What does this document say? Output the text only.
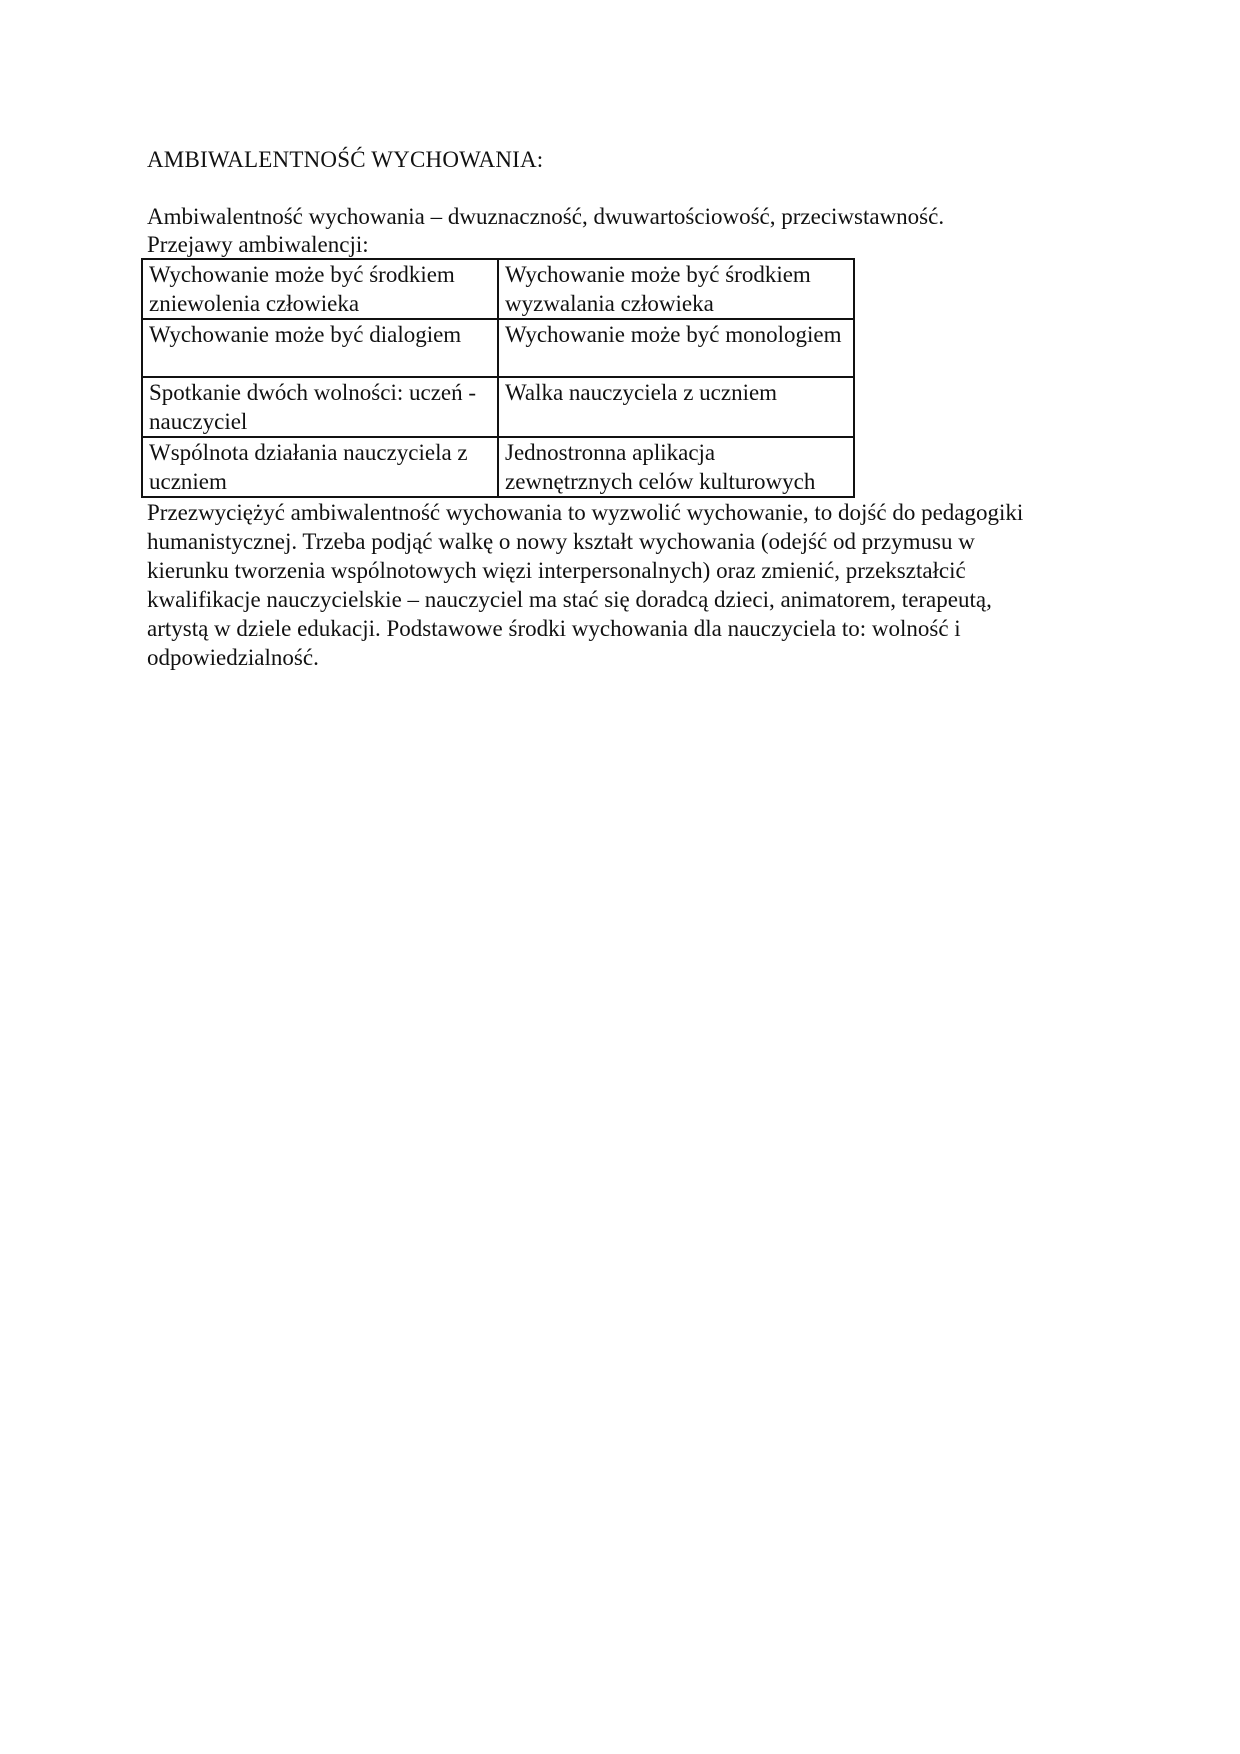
AMBIWALENTNOŚĆ WYCHOWANIA:

Ambiwalentność wychowania – dwuznaczność, dwuwartościowość, przeciwstawność.

Przejawy ambiwalencji:

Wychowanie może być środkiem zniewolenia człowieka	Wychowanie może być środkiem wyzwalania człowieka
Wychowanie może być dialogiem	Wychowanie może być monologiem
Spotkanie dwóch wolności: uczeń - nauczyciel	Walka nauczyciela z uczniem
Wspólnota działania nauczyciela z uczniem	Jednostronna aplikacja zewnętrznych celów kulturowych

Przezwyciężyć ambiwalentność wychowania to wyzwolić wychowanie, to dojść do pedagogiki humanistycznej. Trzeba podjąć walkę o nowy kształt wychowania (odejść od przymusu w kierunku tworzenia wspólnotowych więzi interpersonalnych) oraz zmienić, przekształcić kwalifikacje nauczycielskie – nauczyciel ma stać się doradcą dzieci, animatorem, terapeutą, artystą w dziele edukacji. Podstawowe środki wychowania dla nauczyciela to: wolność i odpowiedzialność.
